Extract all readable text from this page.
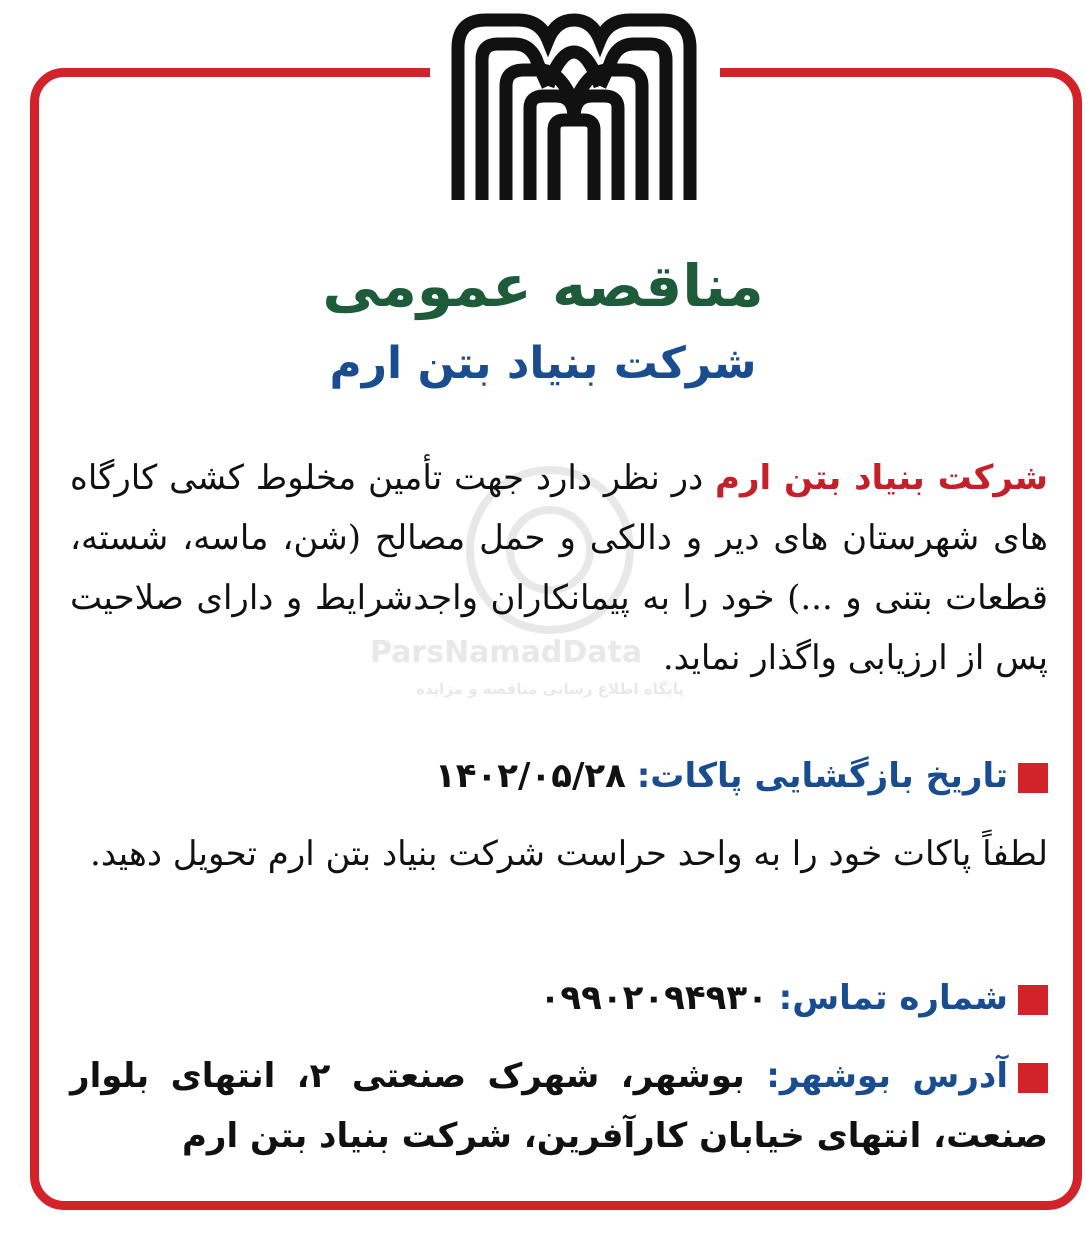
مناقصه عمومی
شرکت بنیاد بتن ارم
شرکت بنیاد بتن ارم در نظر دارد جهت تأمین مخلوط کشی کارگاه های شهرستان های دیر و دالکی و حمل مصالح (شن، ماسه، شسته، قطعات بتنی و ...) خود را به پیمانکاران واجدشرایط و دارای صلاحیت پس از ارزیابی واگذار نماید.
تاریخ بازگشایی پاکات: ۱۴۰۲/۰۵/۲۸
لطفاً پاکات خود را به واحد حراست شرکت بنیاد بتن ارم تحویل دهید.
شماره تماس: ۰۹۹۰۲۰۹۴۹۳۰
آدرس بوشهر: بوشهر، شهرک صنعتی ۲، انتهای بلوار صنعت، انتهای خیابان کارآفرین، شرکت بنیاد بتن ارم
